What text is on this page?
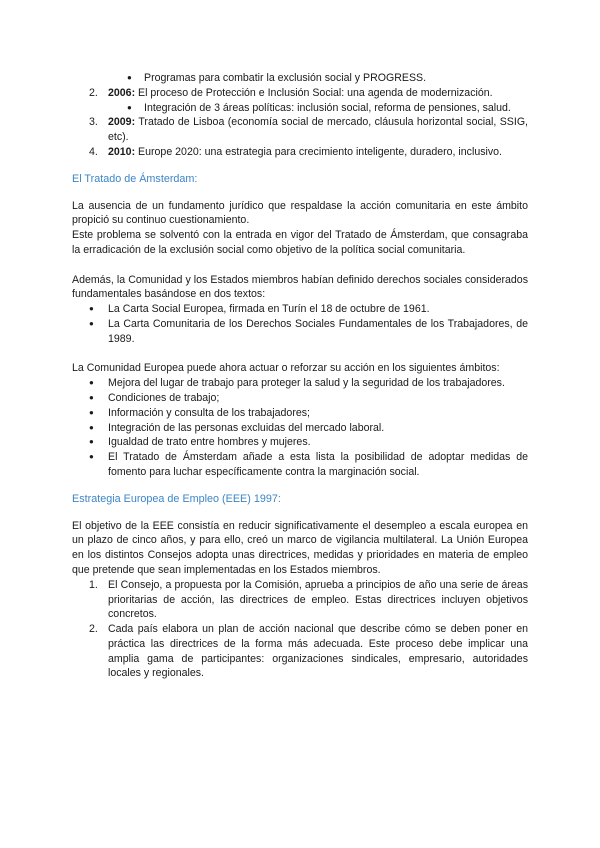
● Programas para combatir la exclusión social y PROGRESS.
2. 2006: El proceso de Protección e Inclusión Social: una agenda de modernización.
● Integración de 3 áreas políticas: inclusión social, reforma de pensiones, salud.
3. 2009: Tratado de Lisboa (economía social de mercado, cláusula horizontal social, SSIG, etc).
4. 2010: Europe 2020: una estrategia para crecimiento inteligente, duradero, inclusivo.

El Tratado de Ámsterdam:

La ausencia de un fundamento jurídico que respaldase la acción comunitaria en este ámbito propició su continuo cuestionamiento.

Este problema se solventó con la entrada en vigor del Tratado de Ámsterdam, que consagraba la erradicación de la exclusión social como objetivo de la política social comunitaria.

Además, la Comunidad y los Estados miembros habían definido derechos sociales considerados fundamentales basándose en dos textos:

● La Carta Social Europea, firmada en Turín el 18 de octubre de 1961.
● La Carta Comunitaria de los Derechos Sociales Fundamentales de los Trabajadores, de 1989.

La Comunidad Europea puede ahora actuar o reforzar su acción en los siguientes ámbitos:

● Mejora del lugar de trabajo para proteger la salud y la seguridad de los trabajadores.
● Condiciones de trabajo;
● Información y consulta de los trabajadores;
● Integración de las personas excluidas del mercado laboral.
● Igualdad de trato entre hombres y mujeres.
● El Tratado de Ámsterdam añade a esta lista la posibilidad de adoptar medidas de fomento para luchar específicamente contra la marginación social.

Estrategia Europea de Empleo (EEE) 1997:

El objetivo de la EEE consistía en reducir significativamente el desempleo a escala europea en un plazo de cinco años, y para ello, creó un marco de vigilancia multilateral. La Unión Europea en los distintos Consejos adopta unas directrices, medidas y prioridades en materia de empleo que pretende que sean implementadas en los Estados miembros.

1. El Consejo, a propuesta por la Comisión, aprueba a principios de año una serie de áreas prioritarias de acción, las directrices de empleo. Estas directrices incluyen objetivos concretos.
2. Cada país elabora un plan de acción nacional que describe cómo se deben poner en práctica las directrices de la forma más adecuada. Este proceso debe implicar una amplia gama de participantes: organizaciones sindicales, empresario, autoridades locales y regionales.
